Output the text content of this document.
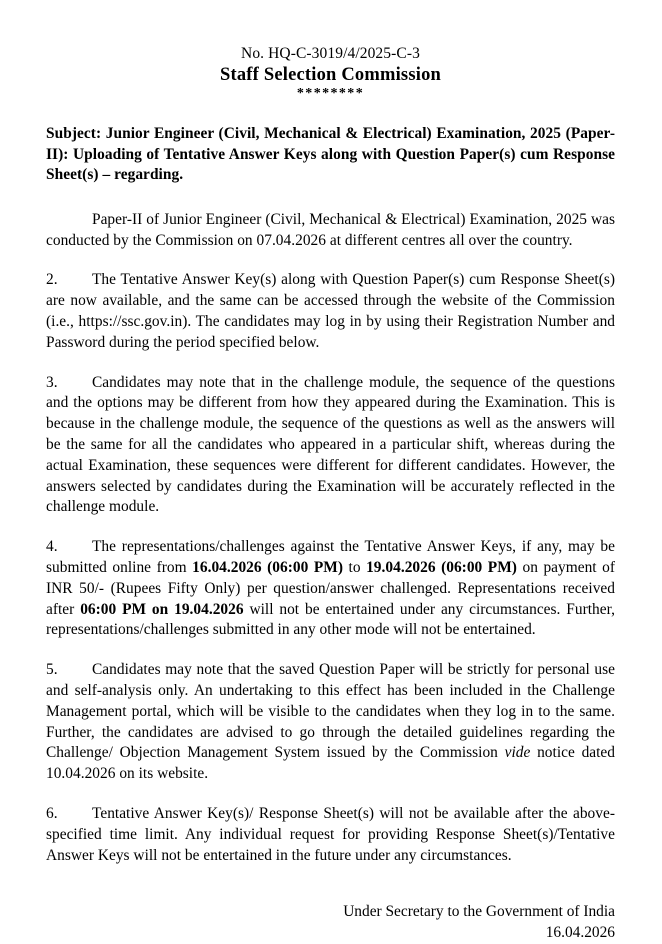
No. HQ-C-3019/4/2025-C-3
Staff Selection Commission
********
Subject: Junior Engineer (Civil, Mechanical & Electrical) Examination, 2025 (Paper-II): Uploading of Tentative Answer Keys along with Question Paper(s) cum Response Sheet(s) – regarding.

Paper-II of Junior Engineer (Civil, Mechanical & Electrical) Examination, 2025 was conducted by the Commission on 07.04.2026 at different centres all over the country.

2. The Tentative Answer Key(s) along with Question Paper(s) cum Response Sheet(s) are now available, and the same can be accessed through the website of the Commission (i.e., https://ssc.gov.in). The candidates may log in by using their Registration Number and Password during the period specified below.

3. Candidates may note that in the challenge module, the sequence of the questions and the options may be different from how they appeared during the Examination. This is because in the challenge module, the sequence of the questions as well as the answers will be the same for all the candidates who appeared in a particular shift, whereas during the actual Examination, these sequences were different for different candidates. However, the answers selected by candidates during the Examination will be accurately reflected in the challenge module.

4. The representations/challenges against the Tentative Answer Keys, if any, may be submitted online from 16.04.2026 (06:00 PM) to 19.04.2026 (06:00 PM) on payment of INR 50/- (Rupees Fifty Only) per question/answer challenged. Representations received after 06:00 PM on 19.04.2026 will not be entertained under any circumstances. Further, representations/challenges submitted in any other mode will not be entertained.

5. Candidates may note that the saved Question Paper will be strictly for personal use and self-analysis only. An undertaking to this effect has been included in the Challenge Management portal, which will be visible to the candidates when they log in to the same. Further, the candidates are advised to go through the detailed guidelines regarding the Challenge/ Objection Management System issued by the Commission vide notice dated 10.04.2026 on its website.

6. Tentative Answer Key(s)/ Response Sheet(s) will not be available after the above-specified time limit. Any individual request for providing Response Sheet(s)/Tentative Answer Keys will not be entertained in the future under any circumstances.

Under Secretary to the Government of India
16.04.2026
